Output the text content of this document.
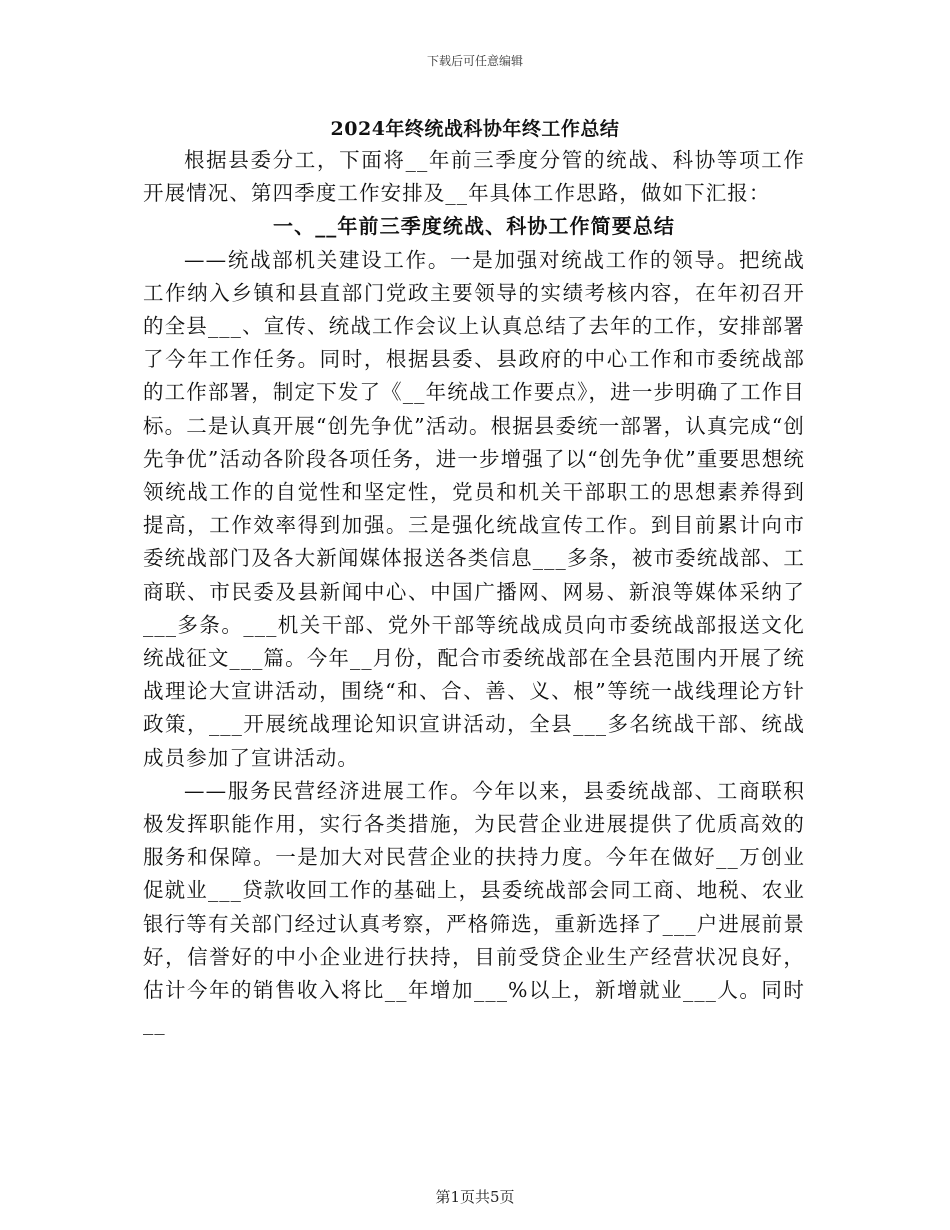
下载后可任意编辑
2024年终统战科协年终工作总结

根据县委分工，下面将__年前三季度分管的统战、科协等项工作开展情况、第四季度工作安排及__年具体工作思路，做如下汇报：

一、__年前三季度统战、科协工作简要总结

——统战部机关建设工作。一是加强对统战工作的领导。把统战工作纳入乡镇和县直部门党政主要领导的实绩考核内容，在年初召开的全县___、宣传、统战工作会议上认真总结了去年的工作，安排部署了今年工作任务。同时，根据县委、县政府的中心工作和市委统战部的工作部署，制定下发了《__年统战工作要点》，进一步明确了工作目标。二是认真开展“创先争优”活动。根据县委统一部署，认真完成“创先争优”活动各阶段各项任务，进一步增强了以“创先争优”重要思想统领统战工作的自觉性和坚定性，党员和机关干部职工的思想素养得到提高，工作效率得到加强。三是强化统战宣传工作。到目前累计向市委统战部门及各大新闻媒体报送各类信息___多条，被市委统战部、工商联、市民委及县新闻中心、中国广播网、网易、新浪等媒体采纳了___多条。___机关干部、党外干部等统战成员向市委统战部报送文化统战征文___篇。今年__月份，配合市委统战部在全县范围内开展了统战理论大宣讲活动，围绕“和、合、善、义、根”等统一战线理论方针政策，___开展统战理论知识宣讲活动，全县___多名统战干部、统战成员参加了宣讲活动。

——服务民营经济进展工作。今年以来，县委统战部、工商联积极发挥职能作用，实行各类措施，为民营企业进展提供了优质高效的服务和保障。一是加大对民营企业的扶持力度。今年在做好__万创业促就业___贷款收回工作的基础上，县委统战部会同工商、地税、农业银行等有关部门经过认真考察，严格筛选，重新选择了___户进展前景好，信誉好的中小企业进行扶持，目前受贷企业生产经营状况良好，估计今年的销售收入将比__年增加___%以上，新增就业___人。同时__

第1页共5页
